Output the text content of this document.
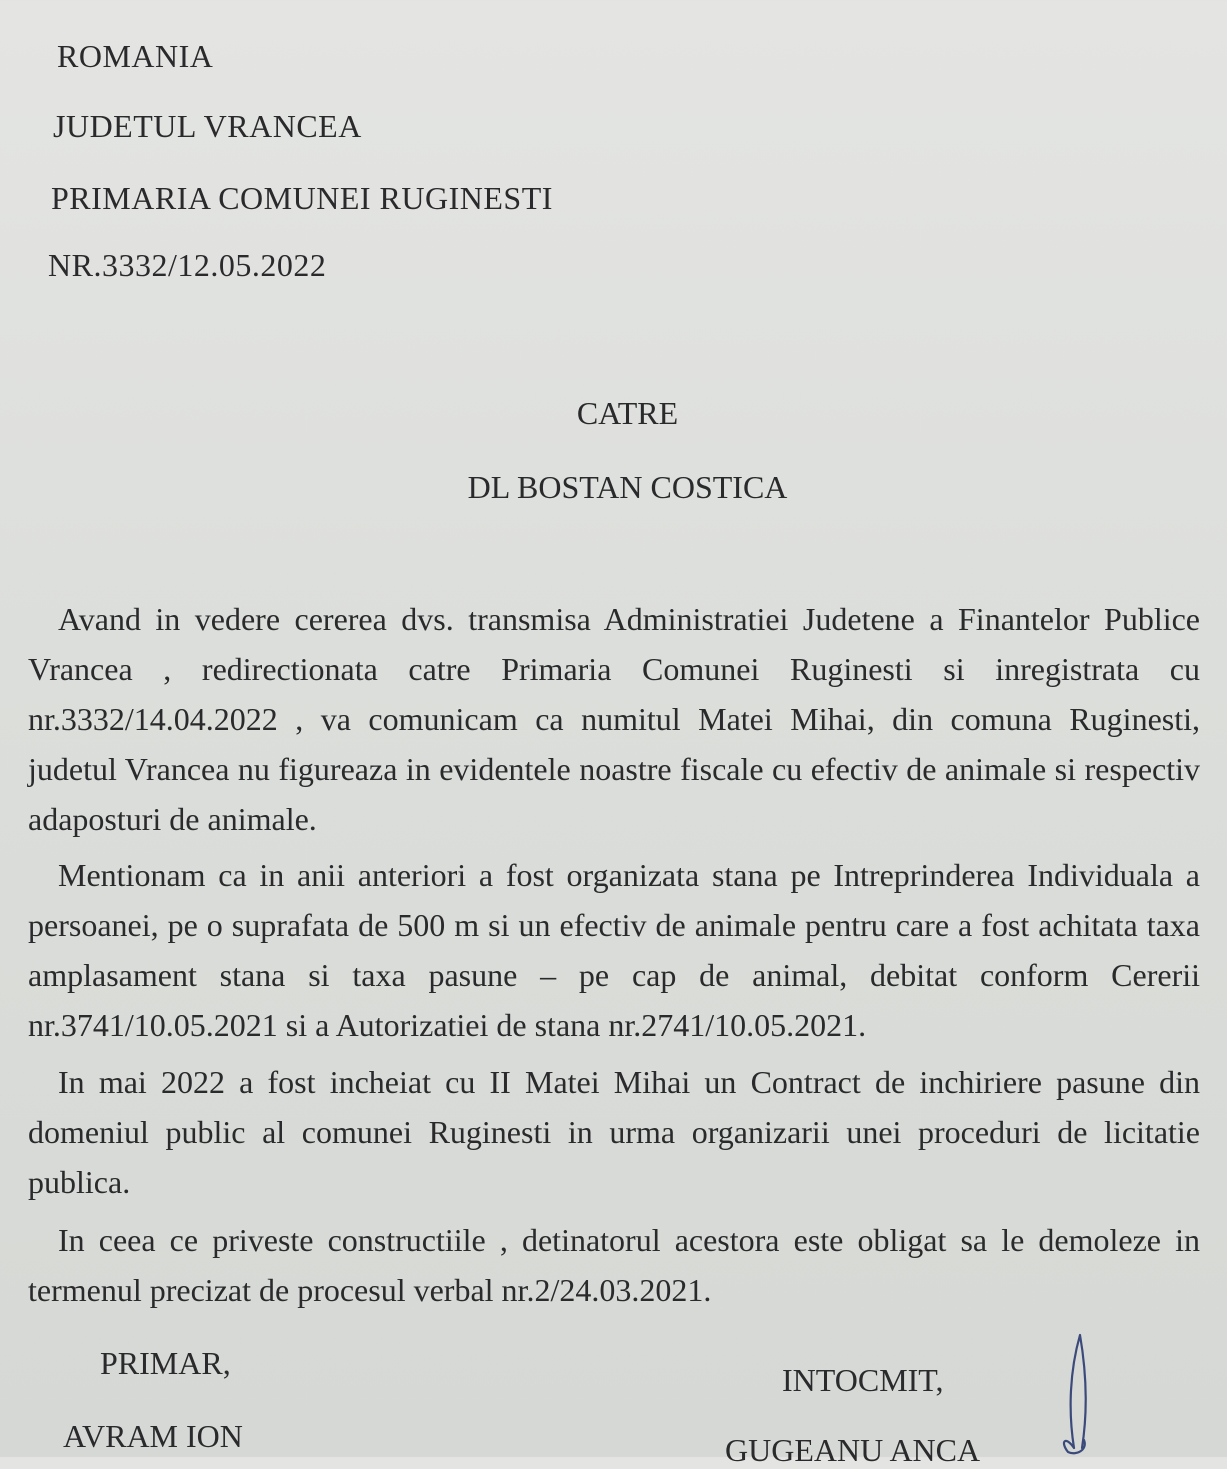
ROMANIA
JUDETUL VRANCEA
PRIMARIA COMUNEI RUGINESTI
NR.3332/12.05.2022
CATRE
DL BOSTAN COSTICA

Avand in vedere cererea dvs. transmisa Administratiei Judetene a Finantelor Publice Vrancea , redirectionata catre Primaria Comunei Ruginesti si inregistrata cu nr.3332/14.04.2022 , va comunicam ca numitul Matei Mihai, din comuna Ruginesti, judetul Vrancea nu figureaza in evidentele noastre fiscale cu efectiv de animale si respectiv adaposturi de animale.

Mentionam ca in anii anteriori a fost organizata stana pe Intreprinderea Individuala a persoanei, pe o suprafata de 500 m si un efectiv de animale pentru care a fost achitata taxa amplasament stana si taxa pasune – pe cap de animal, debitat conform Cererii nr.3741/10.05.2021 si a Autorizatiei de stana nr.2741/10.05.2021.

In mai 2022 a fost incheiat cu II Matei Mihai un Contract de inchiriere pasune din domeniul public al comunei Ruginesti in urma organizarii unei proceduri de licitatie publica.

In ceea ce priveste constructiile , detinatorul acestora este obligat sa le demoleze in termenul precizat de procesul verbal nr.2/24.03.2021.

PRIMAR,
AVRAM ION
INTOCMIT,
GUGEANU ANCA
